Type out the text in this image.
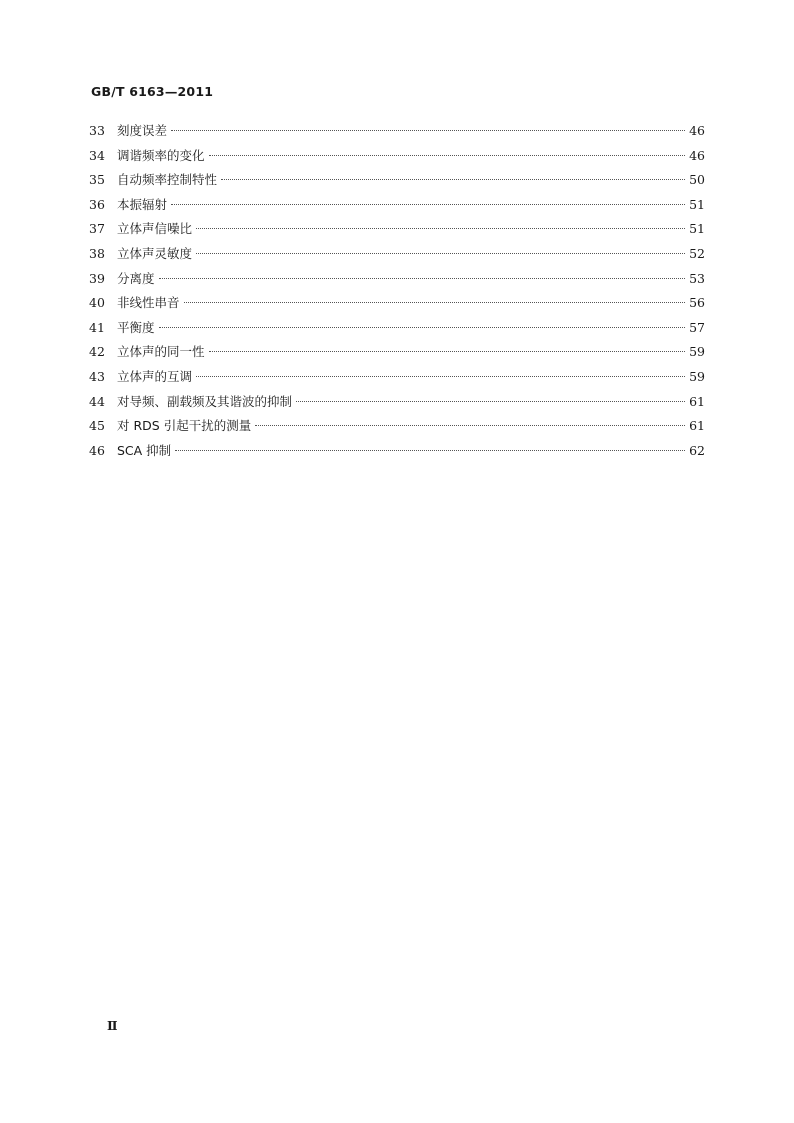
GB/T 6163—2011
33 刻度误差	46
34 调谐频率的变化	46
35 自动频率控制特性	50
36 本振辐射	51
37 立体声信噪比	51
38 立体声灵敏度	52
39 分离度	53
40 非线性串音	56
41 平衡度	57
42 立体声的同一性	59
43 立体声的互调	59
44 对导频、副载频及其谐波的抑制	61
45 对 RDS 引起干扰的测量	61
46 SCA 抑制	62
Ⅱ
